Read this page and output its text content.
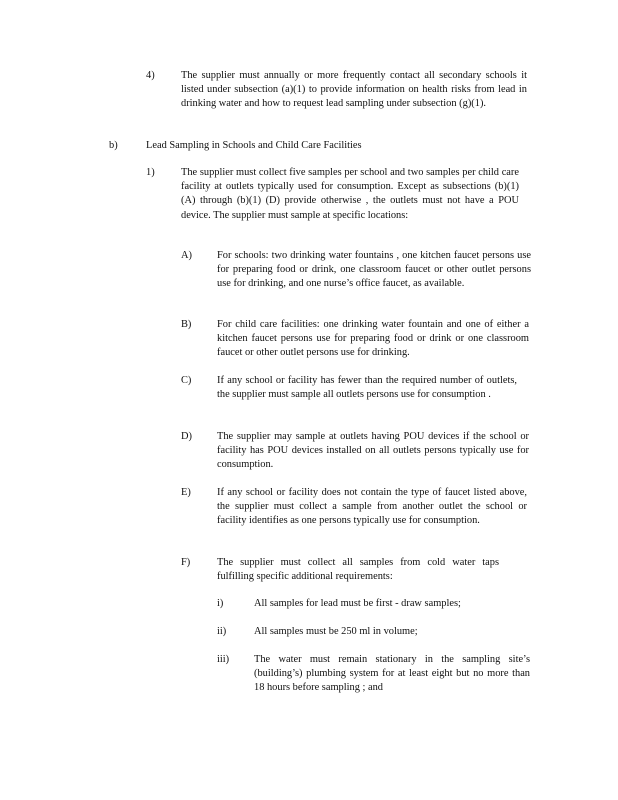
4)	The supplier must annually or more frequently contact all secondary schools it listed under subsection (a)(1) to provide information on health risks from lead in drinking water and how to request lead sampling under subsection (g)(1).
b)	Lead Sampling in Schools and Child Care Facilities
1)	The supplier must collect five samples per school and two samples per child care facility at outlets typically used for consumption. Except as subsections (b)(1)(A) through (b)(1) (D) provide otherwise , the outlets must not have a POU device. The supplier must sample at specific locations:
A) For schools: two drinking water fountains , one kitchen faucet persons use for preparing food or drink, one classroom faucet or other outlet persons use for drinking, and one nurse’s office faucet, as available.
B) For child care facilities: one drinking water fountain and one of either a kitchen faucet persons use for preparing food or drink or one classroom faucet or other outlet persons use for drinking.
C) If any school or facility has fewer than the required number of outlets, the supplier must sample all outlets persons use for consumption .
D) The supplier may sample at outlets having POU devices if the school or facility has POU devices installed on all outlets persons typically use for consumption.
E)	If any school or facility does not contain the type of faucet listed above, the supplier must collect a sample from another outlet the school or facility identifies as one persons typically use for consumption.
F)	The supplier must collect all samples from cold water taps fulfilling specific additional requirements:
i)	All samples for lead must be first - draw samples;
ii)	All samples must be 250 ml in volume;
iii) The water must remain stationary in the sampling site’s (building’s) plumbing system for at least eight but no more than 18 hours before sampling ; and
